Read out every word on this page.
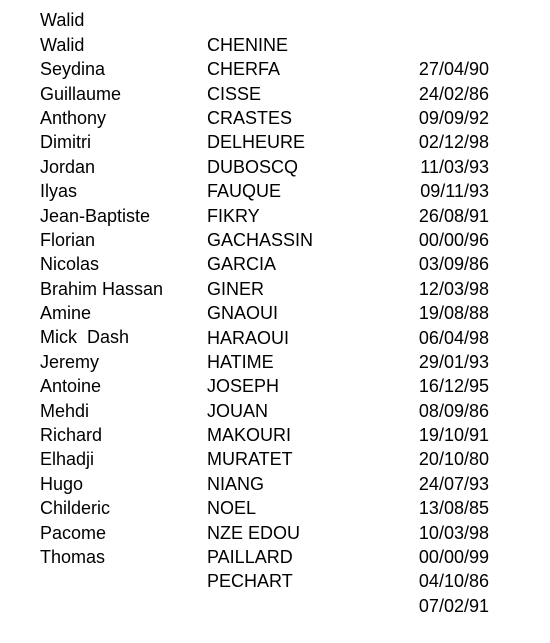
Walid

CHENINE

27/04/90

Walid

CHERFA

24/02/86

Seydina

CISSE

09/09/92

Guillaume

CRASTES

02/12/98

Anthony

DELHEURE

11/03/93

Dimitri

DUBOSCQ

09/11/93

Jordan

FAUQUE

26/08/91

Ilyas

FIKRY

00/00/96

Jean-Baptiste

GACHASSIN

03/09/86

Florian

GARCIA

12/03/98

Nicolas

GINER

19/08/88

Brahim Hassan

GNAOUI

06/04/98

Amine

HARAOUI

29/01/93

Mick  Dash

HATIME

16/12/95

Jeremy

JOSEPH

08/09/86

Antoine

JOUAN

19/10/91

Mehdi

MAKOURI

20/10/80

Richard

MURATET

24/07/93

Elhadji

NIANG

13/08/85

Hugo

NOEL

10/03/98

Childeric

NZE EDOU

00/00/99

Pacome

PAILLARD

04/10/86

Thomas

PECHART

07/02/91
